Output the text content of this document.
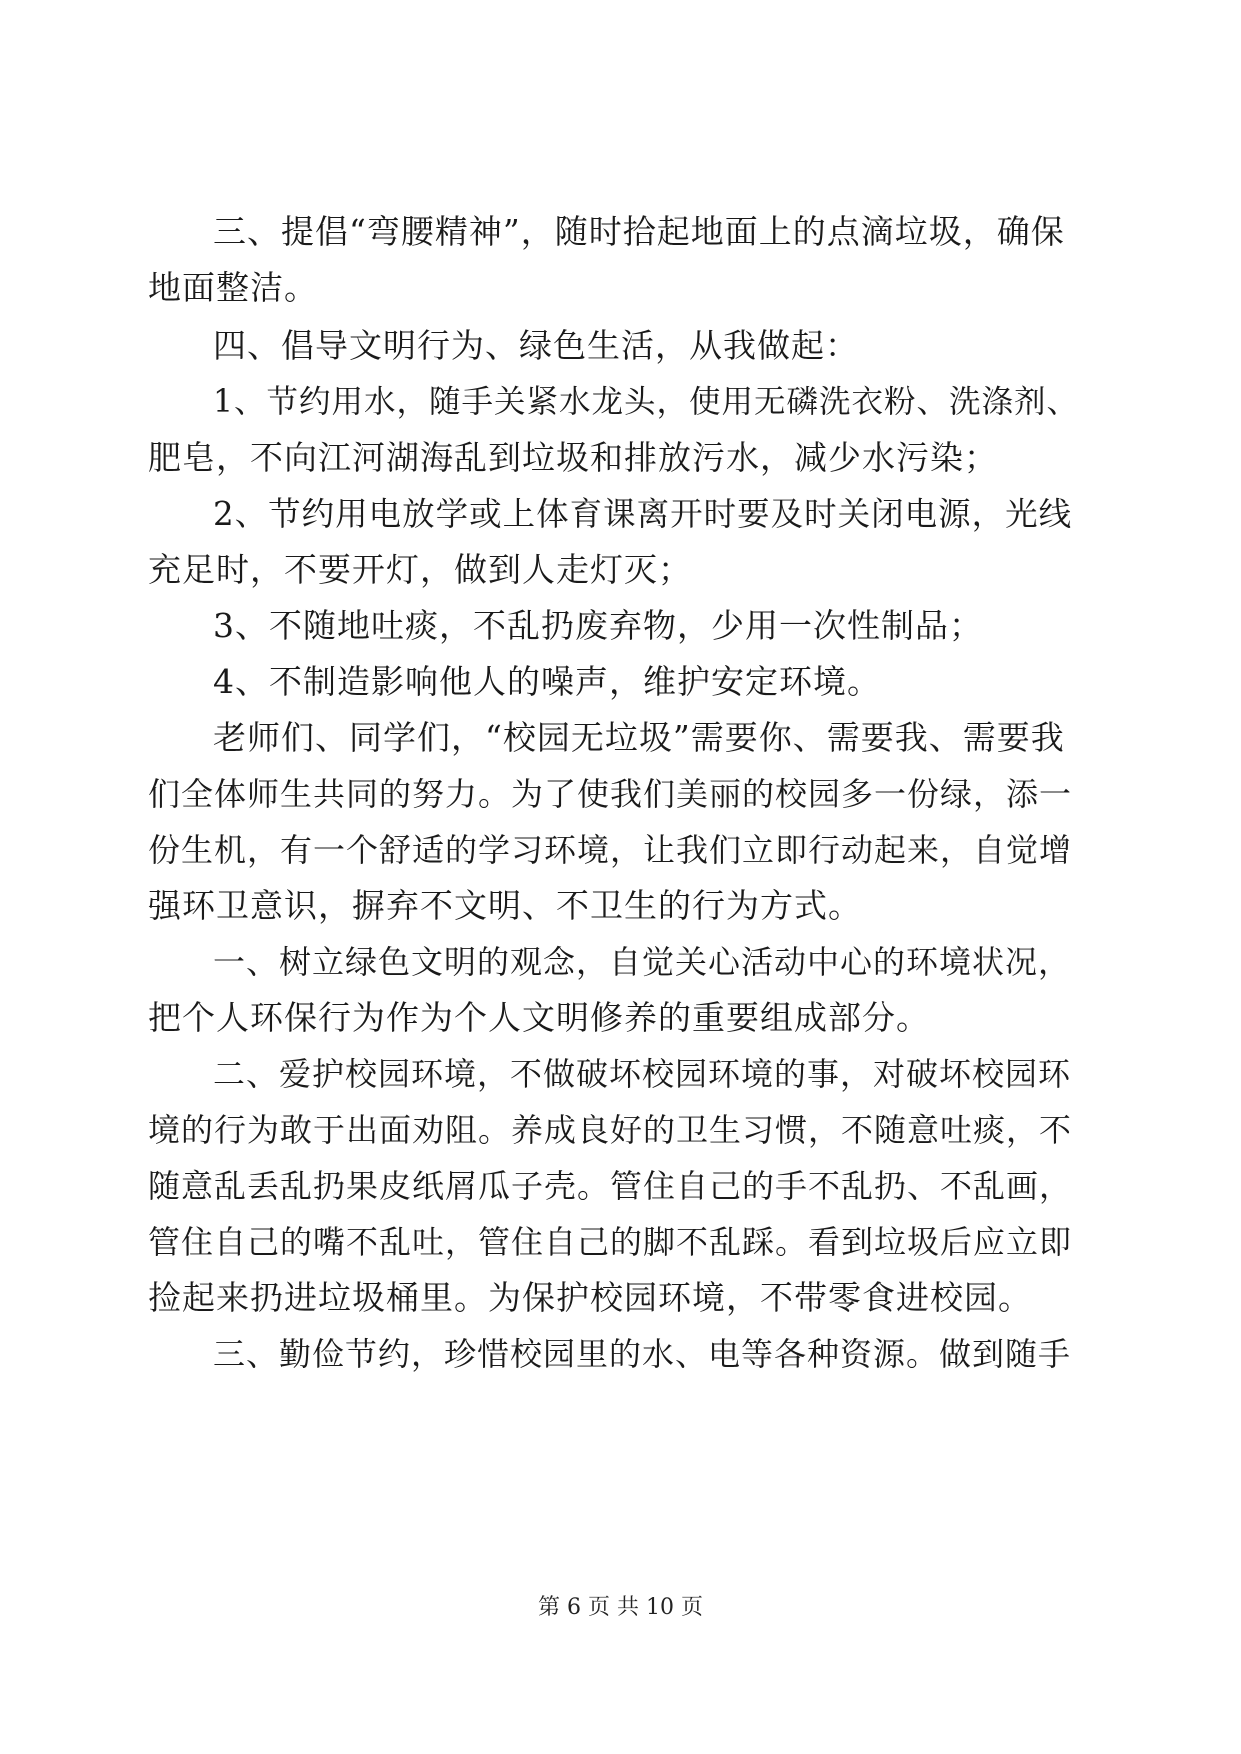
三、提倡“弯腰精神”，随时拾起地面上的点滴垃圾，确保
地面整洁。
四、倡导文明行为、绿色生活，从我做起：
1、节约用水，随手关紧水龙头，使用无磷洗衣粉、洗涤剂、
肥皂，不向江河湖海乱到垃圾和排放污水，减少水污染；
2、节约用电放学或上体育课离开时要及时关闭电源，光线
充足时，不要开灯，做到人走灯灭；
3、不随地吐痰，不乱扔废弃物，少用一次性制品；
4、不制造影响他人的噪声，维护安定环境。
老师们、同学们，“校园无垃圾”需要你、需要我、需要我
们全体师生共同的努力。为了使我们美丽的校园多一份绿，添一
份生机，有一个舒适的学习环境，让我们立即行动起来，自觉增
强环卫意识，摒弃不文明、不卫生的行为方式。
一、树立绿色文明的观念，自觉关心活动中心的环境状况，
把个人环保行为作为个人文明修养的重要组成部分。
二、爱护校园环境，不做破坏校园环境的事，对破坏校园环
境的行为敢于出面劝阻。养成良好的卫生习惯，不随意吐痰，不
随意乱丢乱扔果皮纸屑瓜子壳。管住自己的手不乱扔、不乱画，
管住自己的嘴不乱吐，管住自己的脚不乱踩。看到垃圾后应立即
捡起来扔进垃圾桶里。为保护校园环境，不带零食进校园。
三、勤俭节约，珍惜校园里的水、电等各种资源。做到随手
第 6 页 共 10 页
